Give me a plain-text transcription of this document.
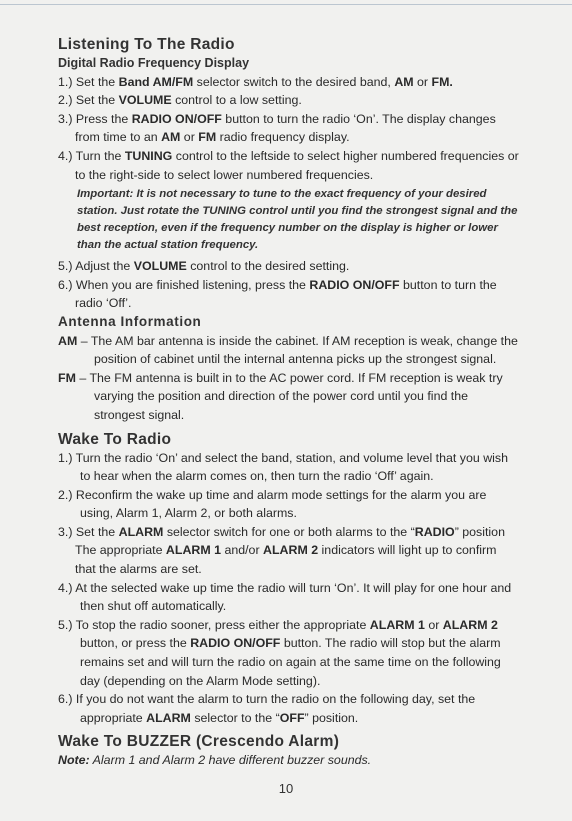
Listening To The Radio
Digital Radio Frequency Display

1.) Set the Band AM/FM selector switch to the desired band, AM or FM.

2.) Set the VOLUME control to a low setting.

3.) Press the RADIO ON/OFF button to turn the radio ‘On’. The display changes from time to an AM or FM radio frequency display.

4.) Turn the TUNING control to the leftside to select higher numbered frequencies or to the right-side to select lower numbered frequencies.

Important: It is not necessary to tune to the exact frequency of your desired station. Just rotate the TUNING control until you find the strongest signal and the best reception, even if the frequency number on the display is higher or lower than the actual station frequency.

5.) Adjust the VOLUME control to the desired setting.

6.) When you are finished listening, press the RADIO ON/OFF button to turn the radio ‘Off’.

Antenna Information

AM – The AM bar antenna is inside the cabinet. If AM reception is weak, change the position of cabinet until the internal antenna picks up the strongest signal.

FM – The FM antenna is built in to the AC power cord. If FM reception is weak try varying the position and direction of the power cord until you find the strongest signal.

Wake To Radio

1.) Turn the radio ‘On’ and select the band, station, and volume level that you wish to hear when the alarm comes on, then turn the radio ‘Off’ again.

2.) Reconfirm the wake up time and alarm mode settings for the alarm you are using, Alarm 1, Alarm 2, or both alarms.

3.) Set the ALARM selector switch for one or both alarms to the “RADIO” position The appropriate ALARM 1 and/or ALARM 2 indicators will light up to confirm that the alarms are set.

4.) At the selected wake up time the radio will turn ‘On’. It will play for one hour and then shut off automatically.

5.) To stop the radio sooner, press either the appropriate ALARM 1 or ALARM 2 button, or press the RADIO ON/OFF button. The radio will stop but the alarm remains set and will turn the radio on again at the same time on the following day (depending on the Alarm Mode setting).

6.) If you do not want the alarm to turn the radio on the following day, set the appropriate ALARM selector to the “OFF” position.

Wake To BUZZER (Crescendo Alarm)

Note: Alarm 1 and Alarm 2 have different buzzer sounds.

10
